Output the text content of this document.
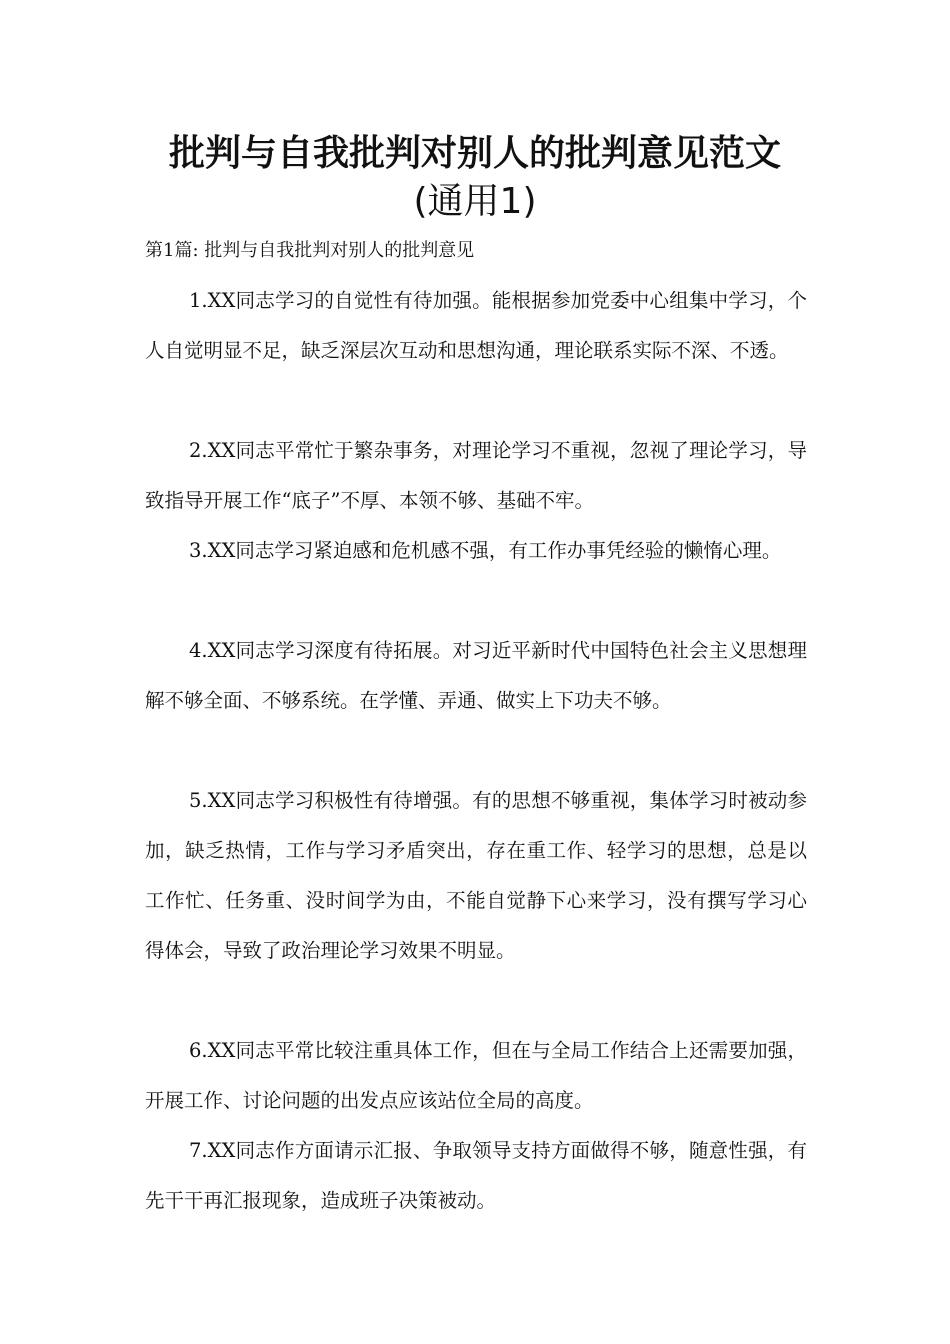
批判与自我批判对别人的批判意见范文
(通用1)

第1篇: 批判与自我批判对别人的批判意见

1.XX同志学习的自觉性有待加强。能根据参加党委中心组集中学习，个人自觉明显不足，缺乏深层次互动和思想沟通，理论联系实际不深、不透。

2.XX同志平常忙于繁杂事务，对理论学习不重视，忽视了理论学习，导致指导开展工作“底子”不厚、本领不够、基础不牢。

3.XX同志学习紧迫感和危机感不强，有工作办事凭经验的懒惰心理。

4.XX同志学习深度有待拓展。对习近平新时代中国特色社会主义思想理解不够全面、不够系统。在学懂、弄通、做实上下功夫不够。

5.XX同志学习积极性有待增强。有的思想不够重视，集体学习时被动参加，缺乏热情，工作与学习矛盾突出，存在重工作、轻学习的思想，总是以工作忙、任务重、没时间学为由，不能自觉静下心来学习，没有撰写学习心得体会，导致了政治理论学习效果不明显。

6.XX同志平常比较注重具体工作，但在与全局工作结合上还需要加强，开展工作、讨论问题的出发点应该站位全局的高度。

7.XX同志作方面请示汇报、争取领导支持方面做得不够，随意性强，有先干干再汇报现象，造成班子决策被动。
